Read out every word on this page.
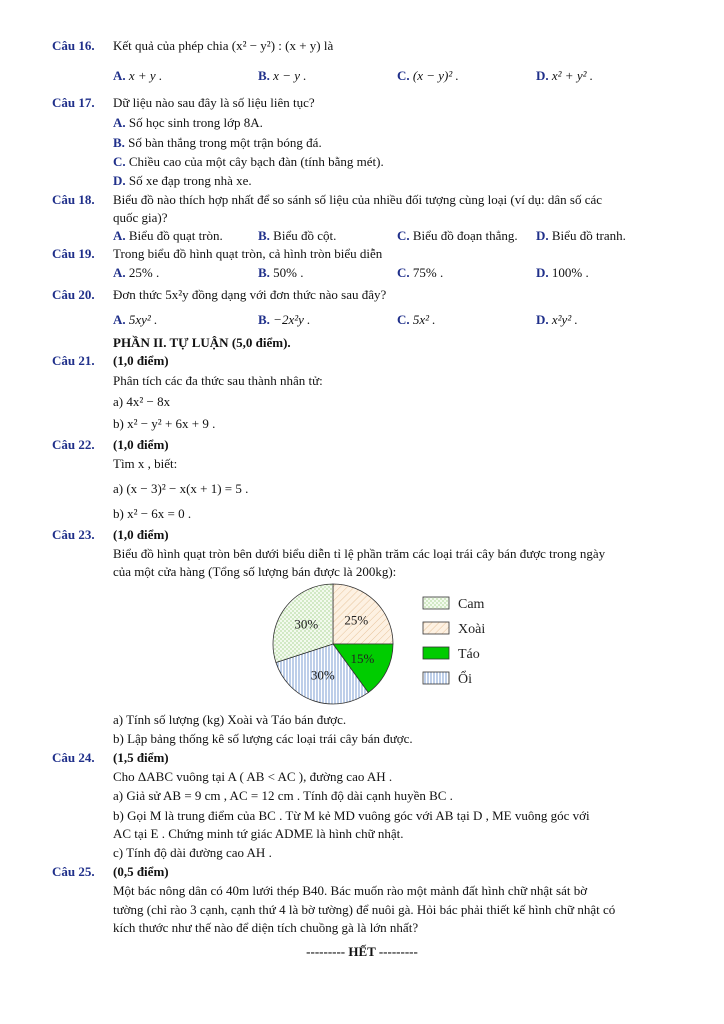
Câu 16. Kết quả của phép chia (x² − y²) : (x + y) là
A. x + y .	B. x − y .	C. (x − y)² .	D. x² + y² .
Câu 17. Dữ liệu nào sau đây là số liệu liên tục?
A. Số học sinh trong lớp 8A.
B. Số bàn thắng trong một trận bóng đá.
C. Chiều cao của một cây bạch đàn (tính bằng mét).
D. Số xe đạp trong nhà xe.
Câu 18. Biểu đồ nào thích hợp nhất để so sánh số liệu của nhiều đối tượng cùng loại (ví dụ: dân số các
quốc gia)?
A. Biểu đồ quạt tròn.	B. Biểu đồ cột.	C. Biểu đồ đoạn thẳng. D. Biểu đồ tranh.
Câu 19. Trong biểu đồ hình quạt tròn, cả hình tròn biểu diễn
A. 25% .	B. 50% .	C. 75% .	D. 100% .
Câu 20. Đơn thức 5x²y đồng dạng với đơn thức nào sau đây?
A. 5xy² .	B. −2x²y .	C. 5x² .	D. x²y² .
PHẦN II. TỰ LUẬN (5,0 điểm).
Câu 21. (1,0 điểm)
Phân tích các đa thức sau thành nhân tử:
a) 4x² − 8x
b) x² − y² + 6x + 9 .
Câu 22. (1,0 điểm)
Tìm x , biết:
a) (x − 3)² − x(x + 1) = 5 .
b) x² − 6x = 0 .
Câu 23. (1,0 điểm)
Biểu đồ hình quạt tròn bên dưới biểu diễn tỉ lệ phần trăm các loại trái cây bán được trong ngày
của một cửa hàng (Tổng số lượng bán được là 200kg):
25%
15%
30%
30%
Cam
Xoài
Táo
Ổi
a) Tính số lượng (kg) Xoài và Táo bán được.
b) Lập bảng thống kê số lượng các loại trái cây bán được.
Câu 24. (1,5 điểm)
Cho ΔABC vuông tại A ( AB < AC ), đường cao AH .
a) Giả sử AB = 9 cm , AC = 12 cm . Tính độ dài cạnh huyền BC .
b) Gọi M là trung điểm của BC . Từ M kẻ MD vuông góc với AB tại D , ME vuông góc với
AC tại E . Chứng minh tứ giác ADME là hình chữ nhật.
c) Tính độ dài đường cao AH .
Câu 25. (0,5 điểm)
Một bác nông dân có 40m lưới thép B40. Bác muốn rào một mảnh đất hình chữ nhật sát bờ
tường (chỉ rào 3 cạnh, cạnh thứ 4 là bờ tường) để nuôi gà. Hỏi bác phải thiết kế hình chữ nhật có
kích thước như thế nào để diện tích chuồng gà là lớn nhất?
--------- HẾT ---------
